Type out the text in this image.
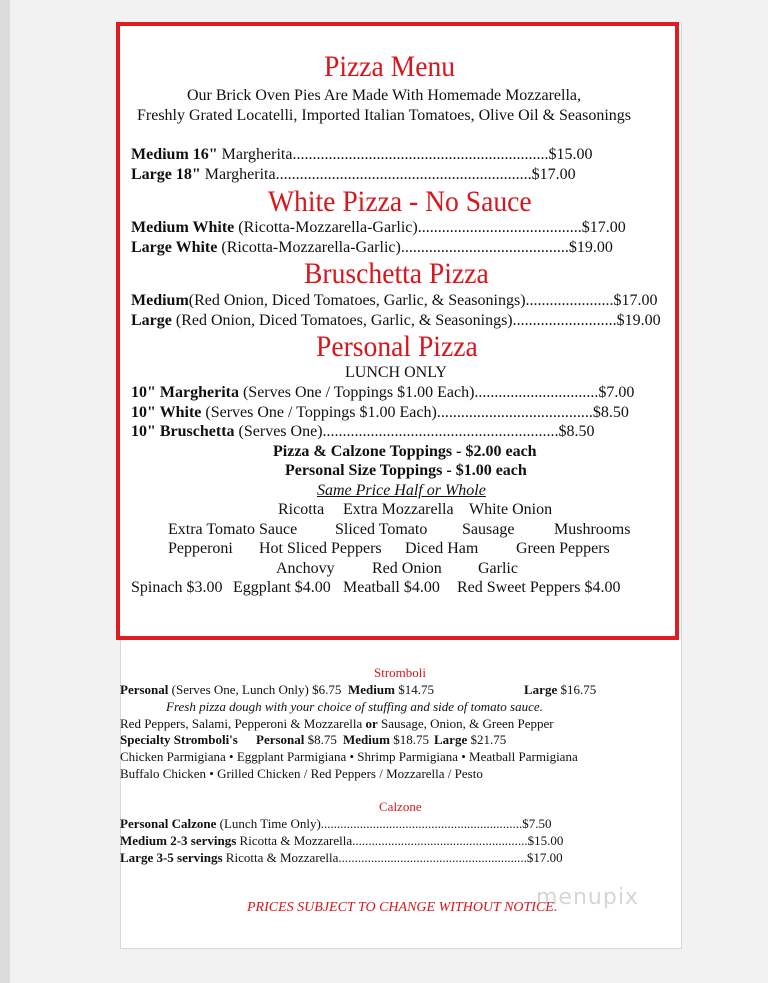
Pizza Menu
Our Brick Oven Pies Are Made With Homemade Mozzarella,
Freshly Grated Locatelli, Imported Italian Tomatoes, Olive Oil & Seasonings
Medium 16" Margherita................................................................$15.00
Large 18" Margherita................................................................$17.00
White Pizza - No Sauce
Medium White (Ricotta-Mozzarella-Garlic).........................................$17.00
Large White (Ricotta-Mozzarella-Garlic)..........................................$19.00
Bruschetta Pizza
Medium(Red Onion, Diced Tomatoes, Garlic, & Seasonings)......................$17.00
Large (Red Onion, Diced Tomatoes, Garlic, & Seasonings)..........................$19.00
Personal Pizza
LUNCH ONLY
10" Margherita (Serves One / Toppings $1.00 Each)...............................$7.00
10" White (Serves One / Toppings $1.00 Each).......................................$8.50
10" Bruschetta (Serves One)...........................................................$8.50
Pizza & Calzone Toppings - $2.00 each
Personal Size Toppings - $1.00 each
Same Price Half or Whole
Ricotta Extra Mozzarella White Onion
Extra Tomato Sauce Sliced Tomato Sausage Mushrooms
Pepperoni Hot Sliced Peppers Diced Ham Green Peppers
Anchovy Red Onion Garlic
Spinach $3.00 Eggplant $4.00 Meatball $4.00 Red Sweet Peppers $4.00
Stromboli
Personal (Serves One, Lunch Only) $6.75 Medium $14.75	Large $16.75
Fresh pizza dough with your choice of stuffing and side of tomato sauce.
Red Peppers, Salami, Pepperoni & Mozzarella or Sausage, Onion, & Green Pepper
Specialty Stromboli's Personal $8.75 Medium $18.75 Large $21.75
Chicken Parmigiana • Eggplant Parmigiana • Shrimp Parmigiana • Meatball Parmigiana
Buffalo Chicken • Grilled Chicken / Red Peppers / Mozzarella / Pesto
Calzone
Personal Calzone (Lunch Time Only)..............................................................$7.50
Medium 2-3 servings Ricotta & Mozzarella......................................................$15.00
Large 3-5 servings Ricotta & Mozzarella..........................................................$17.00
menupix
PRICES SUBJECT TO CHANGE WITHOUT NOTICE.
